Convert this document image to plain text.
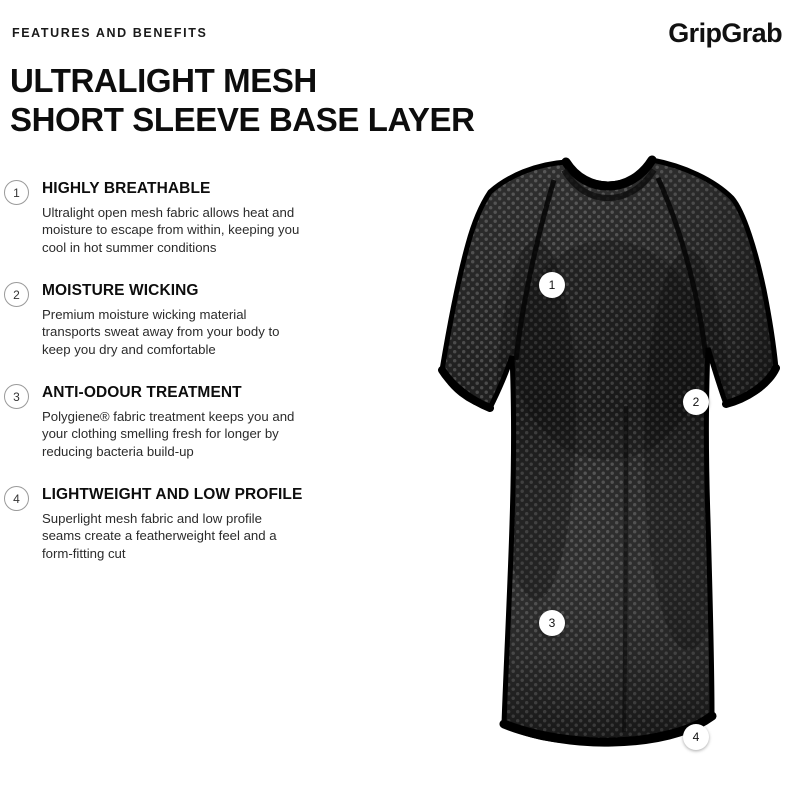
FEATURES AND BENEFITS	GripGrab
ULTRALIGHT MESH
SHORT SLEEVE BASE LAYER
1	HIGHLY BREATHABLE

Ultralight open mesh fabric allows heat and moisture to escape from within, keeping you cool in hot summer conditions

2	MOISTURE WICKING

Premium moisture wicking material transports sweat away from your body to keep you dry and comfortable

3	ANTI-ODOUR TREATMENT

Polygiene® fabric treatment keeps you and your clothing smelling fresh for longer by reducing bacteria build-up

4	LIGHTWEIGHT AND LOW PROFILE

Superlight mesh fabric and low profile seams create a featherweight feel and a form-fitting cut

1
2
3
4
